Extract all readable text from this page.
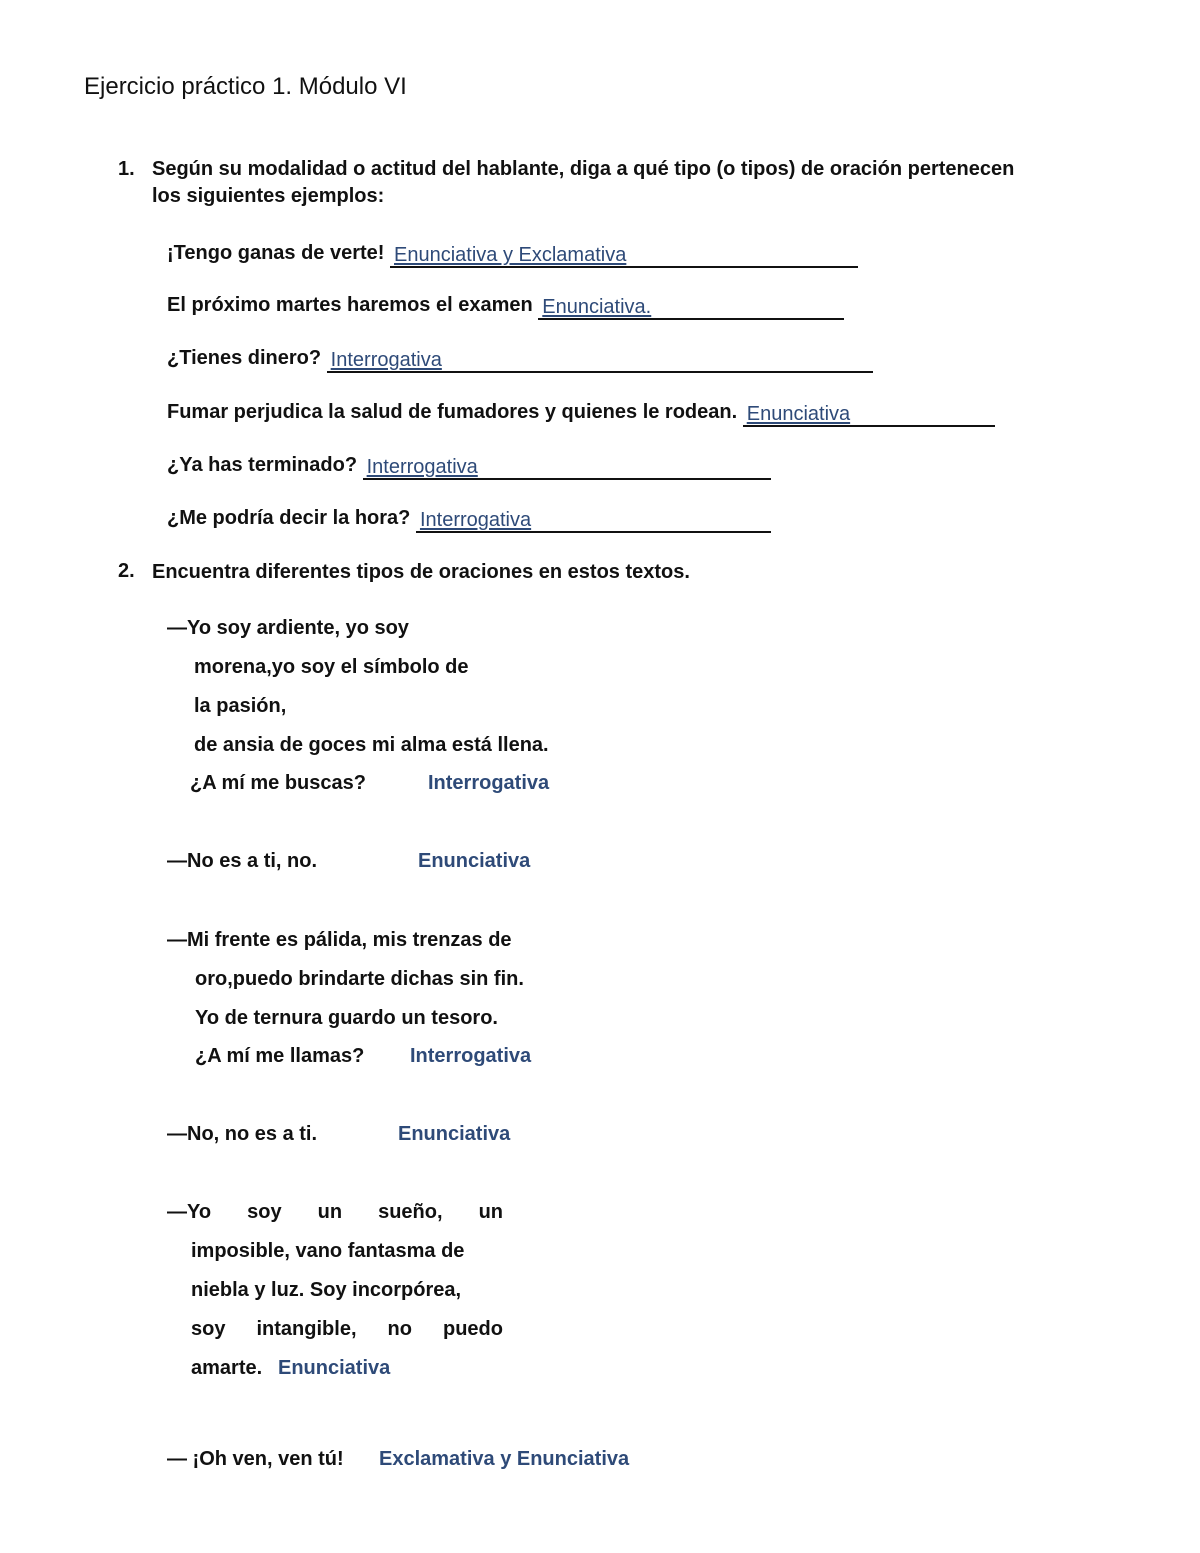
Ejercicio práctico 1. Módulo VI
1. Según su modalidad o actitud del hablante, diga a qué tipo (o tipos) de oración pertenecen
los siguientes ejemplos:

¡Tengo ganas de verte! Enunciativa y Exclamativa
El próximo martes haremos el examen Enunciativa.
¿Tienes dinero? Interrogativa
Fumar perjudica la salud de fumadores y quienes le rodean. Enunciativa
¿Ya has terminado? Interrogativa
¿Me podría decir la hora? Interrogativa
2. Encuentra diferentes tipos de oraciones en estos textos.
—Yo soy ardiente, yo soy
morena,yo soy el símbolo de
la pasión,
de ansia de goces mi alma está llena.
¿A mí me buscas?	Interrogativa
—No es a ti, no.	Enunciativa
—Mi frente es pálida, mis trenzas de
oro,puedo brindarte dichas sin fin.
Yo de ternura guardo un tesoro.
¿A mí me llamas? Interrogativa
—No, no es a ti.	Enunciativa
—Yo soy un sueño, un
imposible, vano fantasma de
niebla y luz. Soy incorpórea,
soy intangible, no puedo
amarte. Enunciativa
— ¡Oh ven, ven tú! Exclamativa y Enunciativa
